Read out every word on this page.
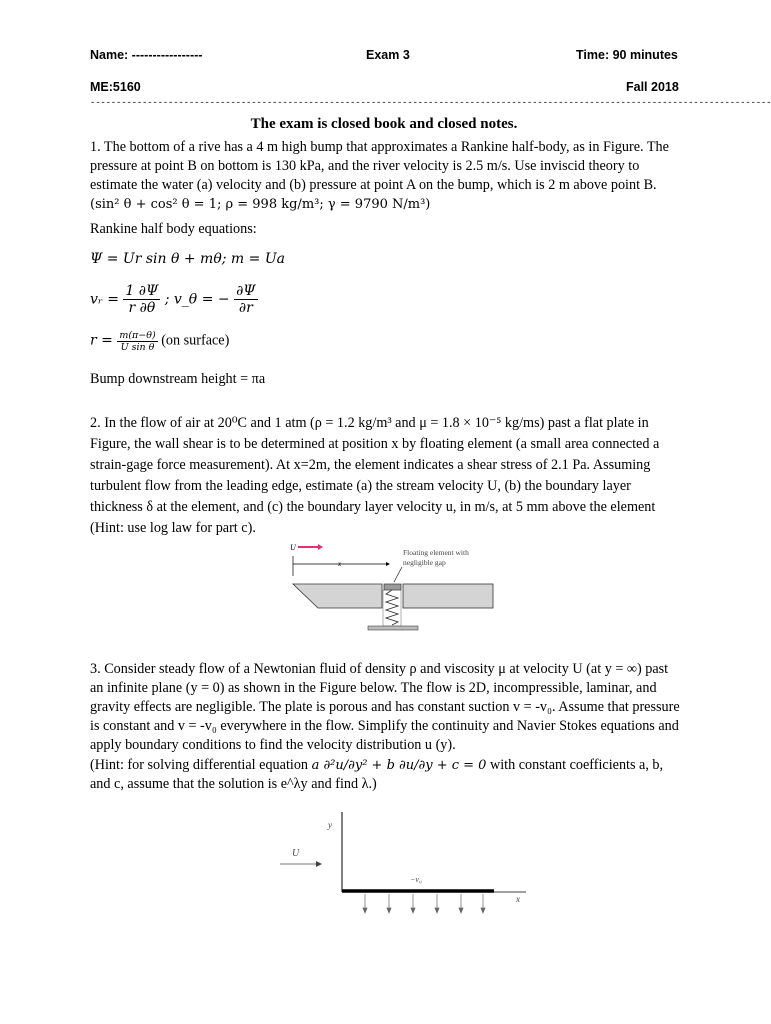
Name: -----------------	Exam 3	Time: 90 minutes
ME:5160	Fall 2018
-----------------------------------------------------------------------------------------------------------------------------------
The exam is closed book and closed notes.
1. The bottom of a rive has a 4 m high bump that approximates a Rankine half-body, as in Figure. The pressure at point B on bottom is 130 kPa, and the river velocity is 2.5 m/s. Use inviscid theory to estimate the water (a) velocity and (b) pressure at point A on the bump, which is 2 m above point B. (sin² θ + cos² θ = 1; ρ = 998 kg/m³; γ = 9790 N/m³)
Rankine half body equations:
Ψ = Ur sin θ + mθ; m = Ua
vᵣ = $\frac{1 \partial\Psi}{r \partial\theta}$ ; v_θ = − $\frac{\partial\Psi}{\partial r}$
$r = \frac{m(\pi-\theta)}{\text{U sin θ}} (on$ surface)
Bump downstream height = πa
2. In the flow of air at 20⁰C and 1 atm (ρ = 1.2 kg/m³ and μ = 1.8 × 10⁻⁵ kg/ms) past a flat plate in Figure, the wall shear is to be determined at position x by floating element (a small area connected a strain-gage force measurement). At x=2m, the element indicates a shear stress of 2.1 Pa. Assuming turbulent flow from the leading edge, estimate (a) the stream velocity U, (b) the boundary layer thickness δ at the element, and (c) the boundary layer velocity u, in m/s, at 5 mm above the element (Hint: use log law for part c).
U
x
Floating element with
negligible gap
3. Consider steady flow of a Newtonian fluid of density ρ and viscosity μ at velocity U (at y = ∞) past an infinite plane (y = 0) as shown in the Figure below. The flow is 2D, incompressible, laminar, and gravity effects are negligible. The plate is porous and has constant suction v = -v₀. Assume that pressure is constant and v = -v₀ everywhere in the flow. Simplify the continuity and Navier Stokes equations and apply boundary conditions to find the velocity distribution u (y).
(Hint: for solving differential equation a ∂²u/∂y² + b ∂u/∂y + c = 0 with constant coefficients a, b, and c, assume that the solution is e^λy and find λ.)
y
x
U
−v₀
